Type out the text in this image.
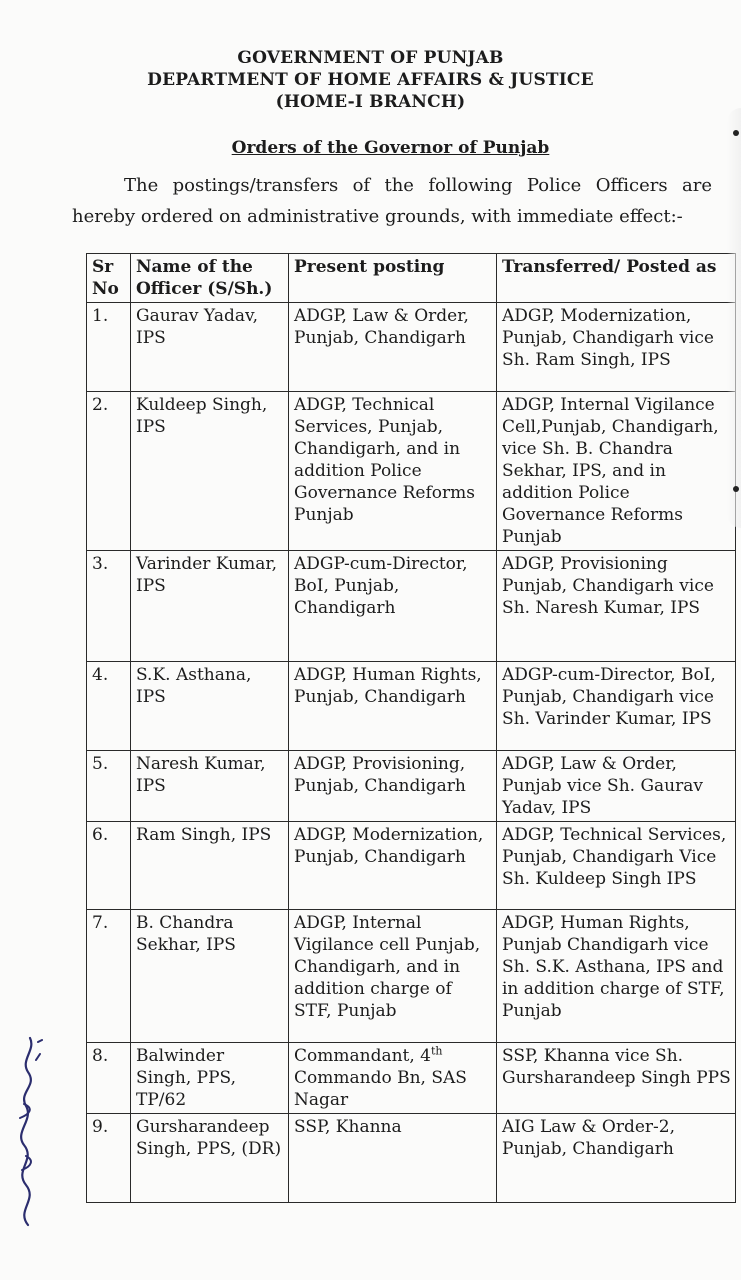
GOVERNMENT OF PUNJAB
DEPARTMENT OF HOME AFFAIRS & JUSTICE
(HOME-I BRANCH)
Orders of the Governor of Punjab
The postings/transfers of the following Police Officers are hereby ordered on administrative grounds, with immediate effect:-
Sr No	Name of the Officer (S/Sh.)	Present posting	Transferred/ Posted as
1.	Gaurav Yadav, IPS	ADGP, Law & Order, Punjab, Chandigarh	ADGP, Modernization, Punjab, Chandigarh vice Sh. Ram Singh, IPS
2.	Kuldeep Singh, IPS	ADGP, Technical Services, Punjab, Chandigarh, and in addition Police Governance Reforms Punjab	ADGP, Internal Vigilance Cell,Punjab, Chandigarh, vice Sh. B. Chandra Sekhar, IPS, and in addition Police Governance Reforms Punjab
3.	Varinder Kumar, IPS	ADGP-cum-Director, BoI, Punjab, Chandigarh	ADGP, Provisioning Punjab, Chandigarh vice Sh. Naresh Kumar, IPS
4.	S.K. Asthana, IPS	ADGP, Human Rights, Punjab, Chandigarh	ADGP-cum-Director, BoI, Punjab, Chandigarh vice Sh. Varinder Kumar, IPS
5.	Naresh Kumar, IPS	ADGP, Provisioning, Punjab, Chandigarh	ADGP, Law & Order, Punjab vice Sh. Gaurav Yadav, IPS
6.	Ram Singh, IPS	ADGP, Modernization, Punjab, Chandigarh	ADGP, Technical Services, Punjab, Chandigarh Vice Sh. Kuldeep Singh IPS
7.	B. Chandra Sekhar, IPS	ADGP, Internal Vigilance cell Punjab, Chandigarh, and in addition charge of STF, Punjab	ADGP, Human Rights, Punjab Chandigarh vice Sh. S.K. Asthana, IPS and in addition charge of STF, Punjab
8.	Balwinder Singh, PPS, TP/62	Commandant, 4th Commando Bn, SAS Nagar	SSP, Khanna vice Sh. Gursharandeep Singh PPS
9.	Gursharandeep Singh, PPS, (DR)	SSP, Khanna	AIG Law & Order-2, Punjab, Chandigarh
